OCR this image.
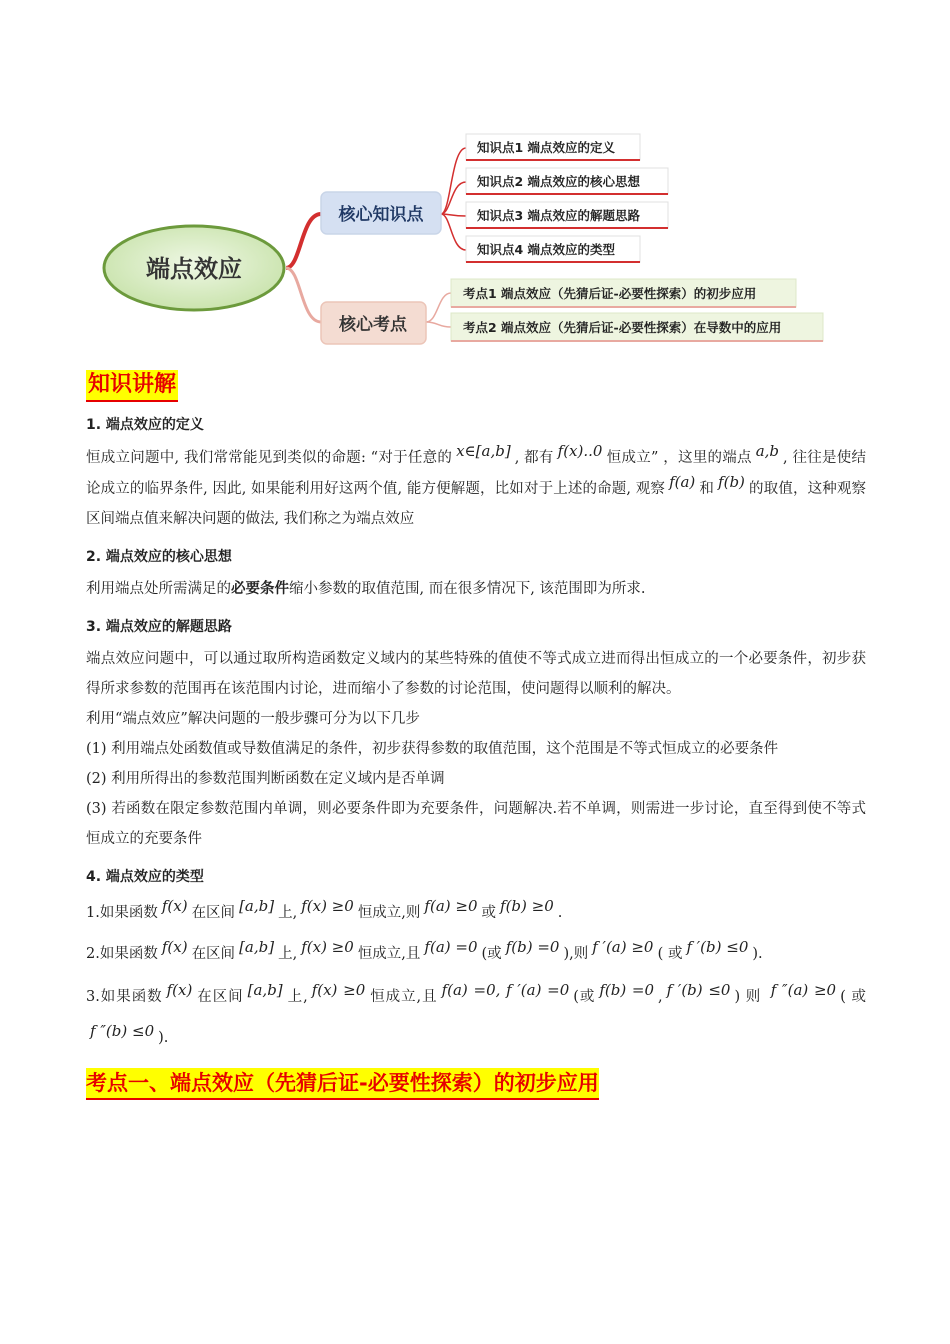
端点效应
核心知识点
核心考点
知识点1 端点效应的定义
知识点2 端点效应的核心思想
知识点3 端点效应的解题思路
知识点4 端点效应的类型
考点1 端点效应（先猜后证-必要性探索）的初步应用
考点2 端点效应（先猜后证-必要性探索）在导数中的应用
知识讲解
1. 端点效应的定义

恒成立问题中, 我们常常能见到类似的命题: “对于任意的 x∈[a,b] , 都有 f(x)..0 恒成立” ，这里的端点 a,b , 往往是使结论成立的临界条件, 因此, 如果能利用好这两个值, 能方便解题，比如对于上述的命题, 观察 f(a) 和 f(b) 的取值，这种观察区间端点值来解决问题的做法, 我们称之为端点效应

2. 端点效应的核心思想

利用端点处所需满足的必要条件缩小参数的取值范围, 而在很多情况下, 该范围即为所求.

3. 端点效应的解题思路

端点效应问题中，可以通过取所构造函数定义域内的某些特殊的值使不等式成立进而得出恒成立的一个必要条件，初步获得所求参数的范围再在该范围内讨论，进而缩小了参数的讨论范围，使问题得以顺利的解决。

利用“端点效应”解决问题的一般步骤可分为以下几步

(1) 利用端点处函数值或导数值满足的条件，初步获得参数的取值范围，这个范围是不等式恒成立的必要条件

(2) 利用所得出的参数范围判断函数在定义域内是否单调

(3) 若函数在限定参数范围内单调，则必要条件即为充要条件，问题解决.若不单调，则需进一步讨论，直至得到使不等式恒成立的充要条件

4. 端点效应的类型

1.如果函数 f(x) 在区间 [a,b] 上, f(x) ≥0 恒成立,则 f(a) ≥0 或 f(b) ≥0 .

2.如果函数 f(x) 在区间 [a,b] 上, f(x) ≥0 恒成立,且 f(a) =0 (或 f(b) =0 ),则 f ′(a) ≥0 ( 或 f ′(b) ≤0 ).

3.如果函数 f(x) 在区间 [a,b] 上, f(x) ≥0 恒成立,且 f(a) =0, f ′(a) =0 (或 f(b) =0 , f ′(b) ≤0 ) 则 f ″(a) ≥0 ( 或f ″(b) ≤0 ).

考点一、端点效应（先猜后证-必要性探索）的初步应用
